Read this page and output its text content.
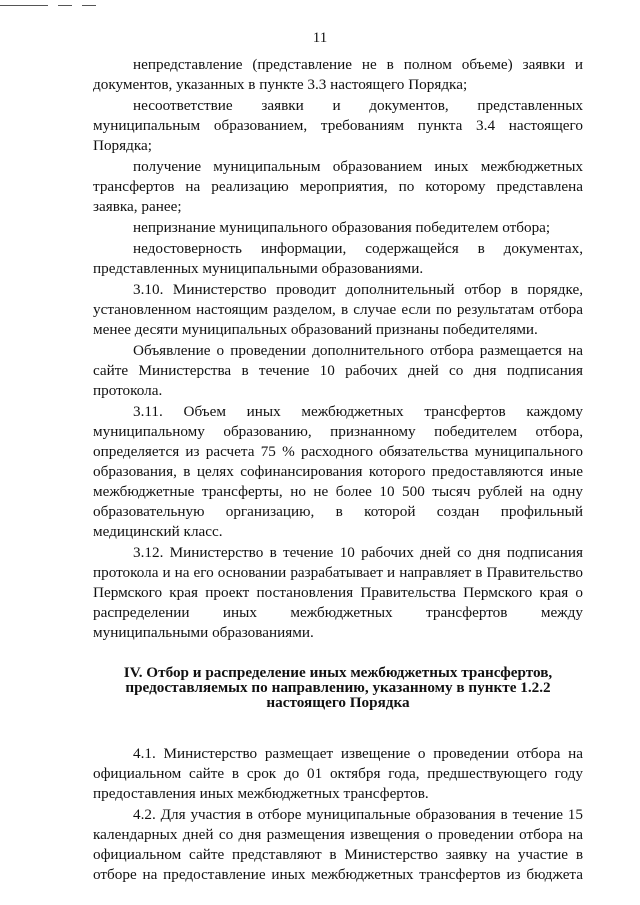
11

непредставление (представление не в полном объеме) заявки и документов, указанных в пункте 3.3 настоящего Порядка;

несоответствие заявки и документов, представленных муниципальным образованием, требованиям пункта 3.4 настоящего Порядка;

получение муниципальным образованием иных межбюджетных трансфертов на реализацию мероприятия, по которому представлена заявка, ранее;

непризнание муниципального образования победителем отбора;

недостоверность информации, содержащейся в документах, представленных муниципальными образованиями.

3.10. Министерство проводит дополнительный отбор в порядке, установленном настоящим разделом, в случае если по результатам отбора менее десяти муниципальных образований признаны победителями.

Объявление о проведении дополнительного отбора размещается на сайте Министерства в течение 10 рабочих дней со дня подписания протокола.

3.11. Объем иных межбюджетных трансфертов каждому муниципальному образованию, признанному победителем отбора, определяется из расчета 75 % расходного обязательства муниципального образования, в целях софинансирования которого предоставляются иные межбюджетные трансферты, но не более 10 500 тысяч рублей на одну образовательную организацию, в которой создан профильный медицинский класс.

3.12. Министерство в течение 10 рабочих дней со дня подписания протокола и на его основании разрабатывает и направляет в Правительство Пермского края проект постановления Правительства Пермского края о распределении иных межбюджетных трансфертов между муниципальными образованиями.

IV. Отбор и распределение иных межбюджетных трансфертов,
предоставляемых по направлению, указанному в пункте 1.2.2
настоящего Порядка

4.1. Министерство размещает извещение о проведении отбора на официальном сайте в срок до 01 октября года, предшествующего году предоставления иных межбюджетных трансфертов.

4.2. Для участия в отборе муниципальные образования в течение 15 календарных дней со дня размещения извещения о проведении отбора на официальном сайте представляют в Министерство заявку на участие в отборе на предоставление иных межбюджетных трансфертов из бюджета
